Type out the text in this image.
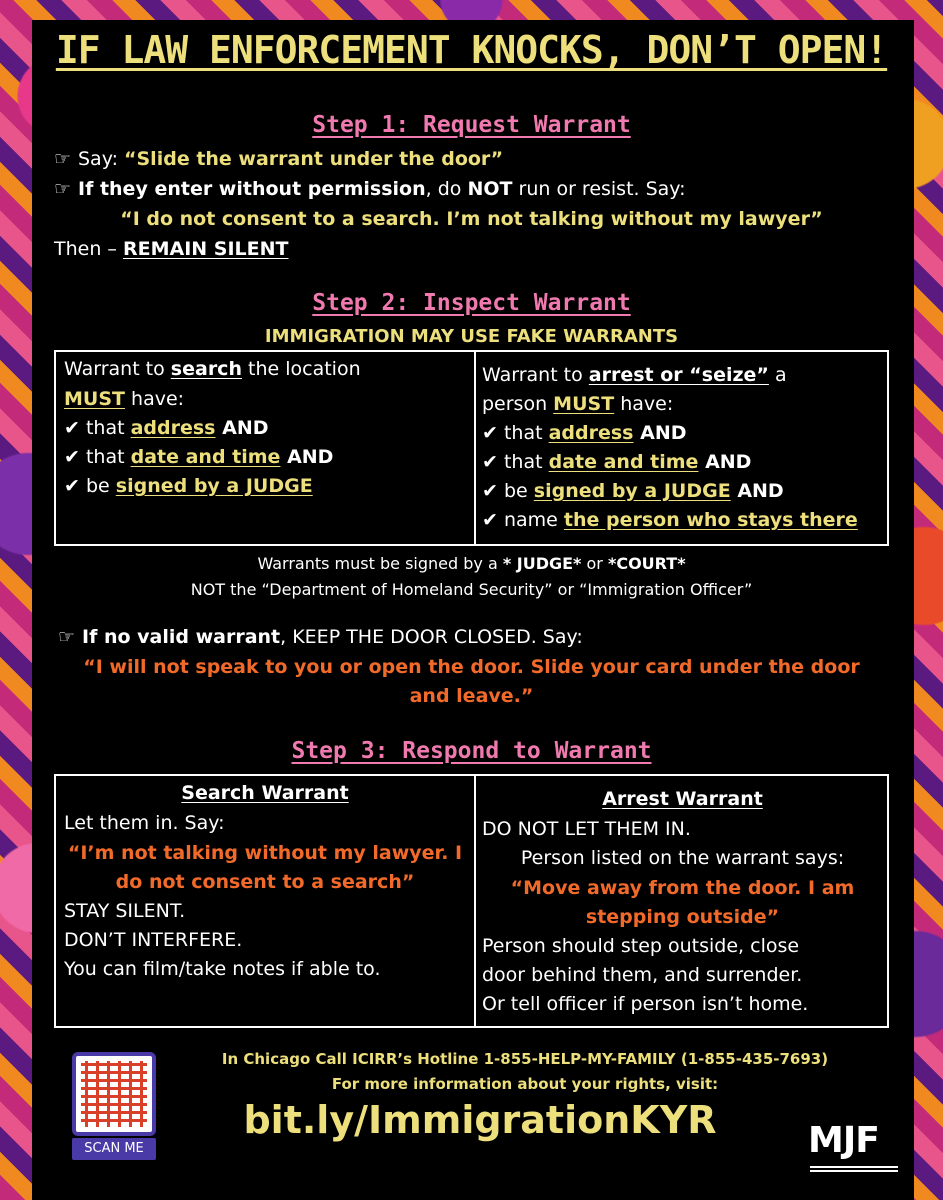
IF LAW ENFORCEMENT KNOCKS, DON’T OPEN!
Step 1: Request Warrant
☞ Say: “Slide the warrant under the door”
☞ If they enter without permission, do NOT run or resist. Say:
“I do not consent to a search. I’m not talking without my lawyer”
Then – REMAIN SILENT
Step 2: Inspect Warrant
IMMIGRATION MAY USE FAKE WARRANTS
Warrant to search the location
MUST have:
✔ that address AND
✔ that date and time AND
✔ be signed by a JUDGE
Warrant to arrest or “seize” a
person MUST have:
✔ that address AND
✔ that date and time AND
✔ be signed by a JUDGE AND
✔ name the person who stays there
Warrants must be signed by a * JUDGE* or *COURT*
NOT the “Department of Homeland Security” or “Immigration Officer”
☞ If no valid warrant, KEEP THE DOOR CLOSED. Say:
“I will not speak to you or open the door. Slide your card under the door
and leave.”
Step 3: Respond to Warrant
Search Warrant
Let them in. Say:
“I’m not talking without my lawyer. I
do not consent to a search”
STAY SILENT.
DON’T INTERFERE.
You can film/take notes if able to.
Arrest Warrant
DO NOT LET THEM IN.
Person listed on the warrant says:
“Move away from the door. I am
stepping outside”
Person should step outside, close
door behind them, and surrender.
Or tell officer if person isn’t home.
SCAN ME
In Chicago Call ICIRR’s Hotline 1-855-HELP-MY-FAMILY (1-855-435-7693)
For more information about your rights, visit:
bit.ly/ImmigrationKYR	MJF
